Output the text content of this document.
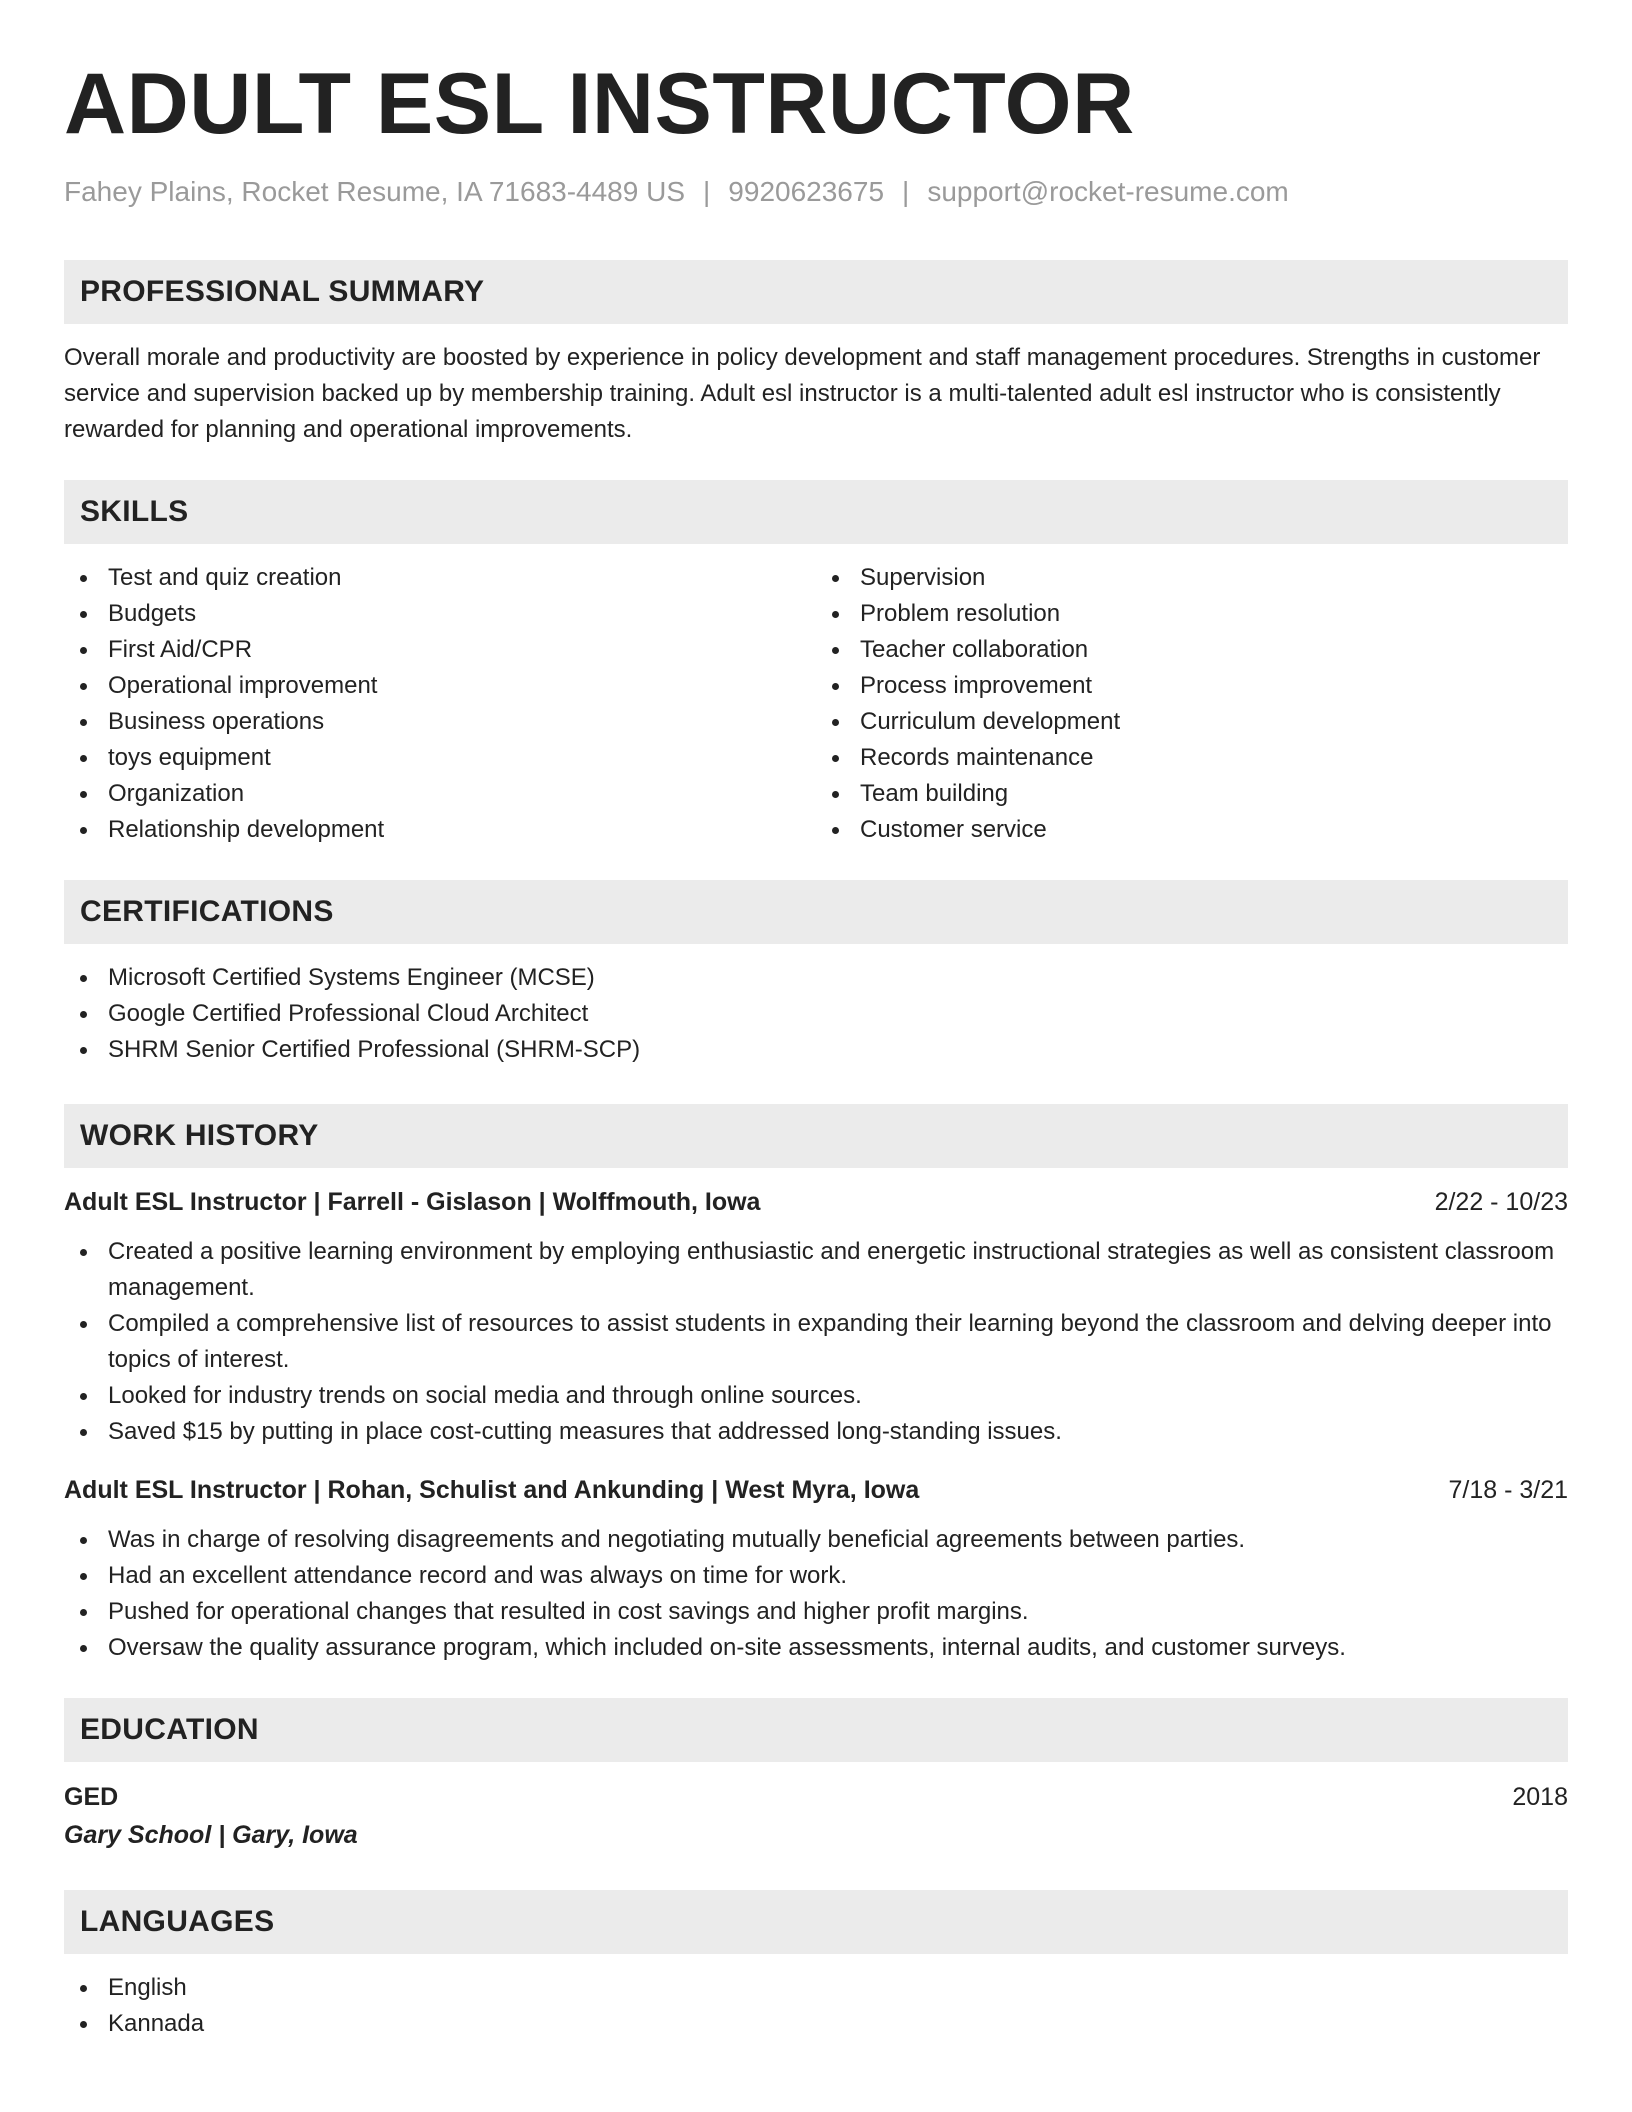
ADULT ESL INSTRUCTOR
Fahey Plains, Rocket Resume, IA 71683-4489 US | 9920623675 | support@rocket-resume.com
PROFESSIONAL SUMMARY

Overall morale and productivity are boosted by experience in policy development and staff management procedures. Strengths in customer service and supervision backed up by membership training. Adult esl instructor is a multi-talented adult esl instructor who is consistently rewarded for planning and operational improvements.

SKILLS
Test and quiz creation
Budgets
First Aid/CPR
Operational improvement
Business operations
toys equipment
Organization
Relationship development
Supervision
Problem resolution
Teacher collaboration
Process improvement
Curriculum development
Records maintenance
Team building
Customer service
CERTIFICATIONS
Microsoft Certified Systems Engineer (MCSE)
Google Certified Professional Cloud Architect
SHRM Senior Certified Professional (SHRM-SCP)
WORK HISTORY
Adult ESL Instructor | Farrell - Gislason | Wolffmouth, Iowa	2/22 - 10/23
Created a positive learning environment by employing enthusiastic and energetic instructional strategies as well as consistent classroom management.
Compiled a comprehensive list of resources to assist students in expanding their learning beyond the classroom and delving deeper into topics of interest.
Looked for industry trends on social media and through online sources.
Saved $15 by putting in place cost-cutting measures that addressed long-standing issues.
Adult ESL Instructor | Rohan, Schulist and Ankunding | West Myra, Iowa	7/18 - 3/21
Was in charge of resolving disagreements and negotiating mutually beneficial agreements between parties.
Had an excellent attendance record and was always on time for work.
Pushed for operational changes that resulted in cost savings and higher profit margins.
Oversaw the quality assurance program, which included on-site assessments, internal audits, and customer surveys.
EDUCATION
GED	2018
Gary School | Gary, Iowa
LANGUAGES
English
Kannada
